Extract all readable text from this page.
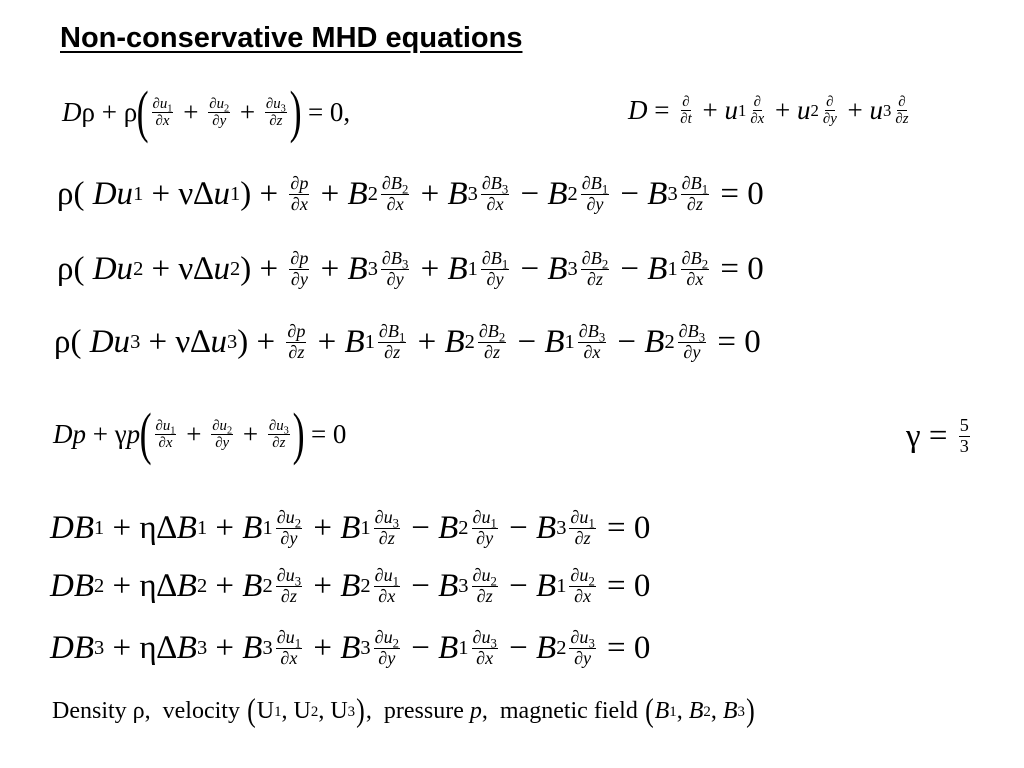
Non-conservative MHD equations
D ρ + ρ ( $\partial u_1$
$\partial x + \frac{\partial u_2}{\partial y} + \frac{\partial u_3}{\partial z}$ ) = 0,	D = ∂
∂t + u 1 ∂
∂x + u 2 ∂
∂y + u 3 ∂
∂z
ρ( Du 1 + ν∆ u 1 ) + $\frac{\partial p}{\partial x} + B$ 2
$\partial B_2$
∂x + B 3
$\partial B_3$
∂x − B 2
$\partial B_1$
∂y − B $3 \frac{\partial B_1}{\partial z} = 0$
ρ( Du 2 + ν∆ u 2 ) + $\frac{\partial p}{\partial y} + B$ 3
$\partial B_3$
∂y + B 1
$\partial B_1$
∂y − B 3
$\partial B_2$
∂z − B $1 \frac{\partial B_2}{\partial x} = 0$
ρ( Du 3 + ν∆ u 3 ) + $\frac{\partial p}{\partial z} + B$ 1
$\partial B_1$
∂z + B 2
$\partial B_2$
∂z − B 1
$\partial B_3$
∂x − B $2 \frac{\partial B_3}{\partial y} = 0$
Dp + γ p ( $\partial u_1$
$\partial x + \frac{\partial u_2}{\partial y} + \frac{\partial u_3}{\partial z}$ ) = 0	$\gamma = \frac{5}{3}$
DB 1 + η∆ B 1 + B 1
$\partial u_2$
∂y + B 1
$\partial u_3$
∂z − B 2
$\partial u_1$
∂y − B $3 \frac{\partial u_1}{\partial z} = 0$
DB 2 + η∆ B 2 + B 2
$\partial u_3$
∂z + B 2
$\partial u_1$
∂x − B 3
$\partial u_2$
∂z − B $1 \frac{\partial u_2}{\partial x} = 0$
DB 3 + η∆ B 3 + B 3
$\partial u_1$
∂x + B 3
$\partial u_2$
∂y − B 1
$\partial u_3$
∂x − B $2 \frac{\partial u_3}{\partial y} = 0$
Density ρ, velocity
( U 1 , U 2 , U 3 ) , pressure
p , magnetic field
( B 1 , B 2 , B 3 )
